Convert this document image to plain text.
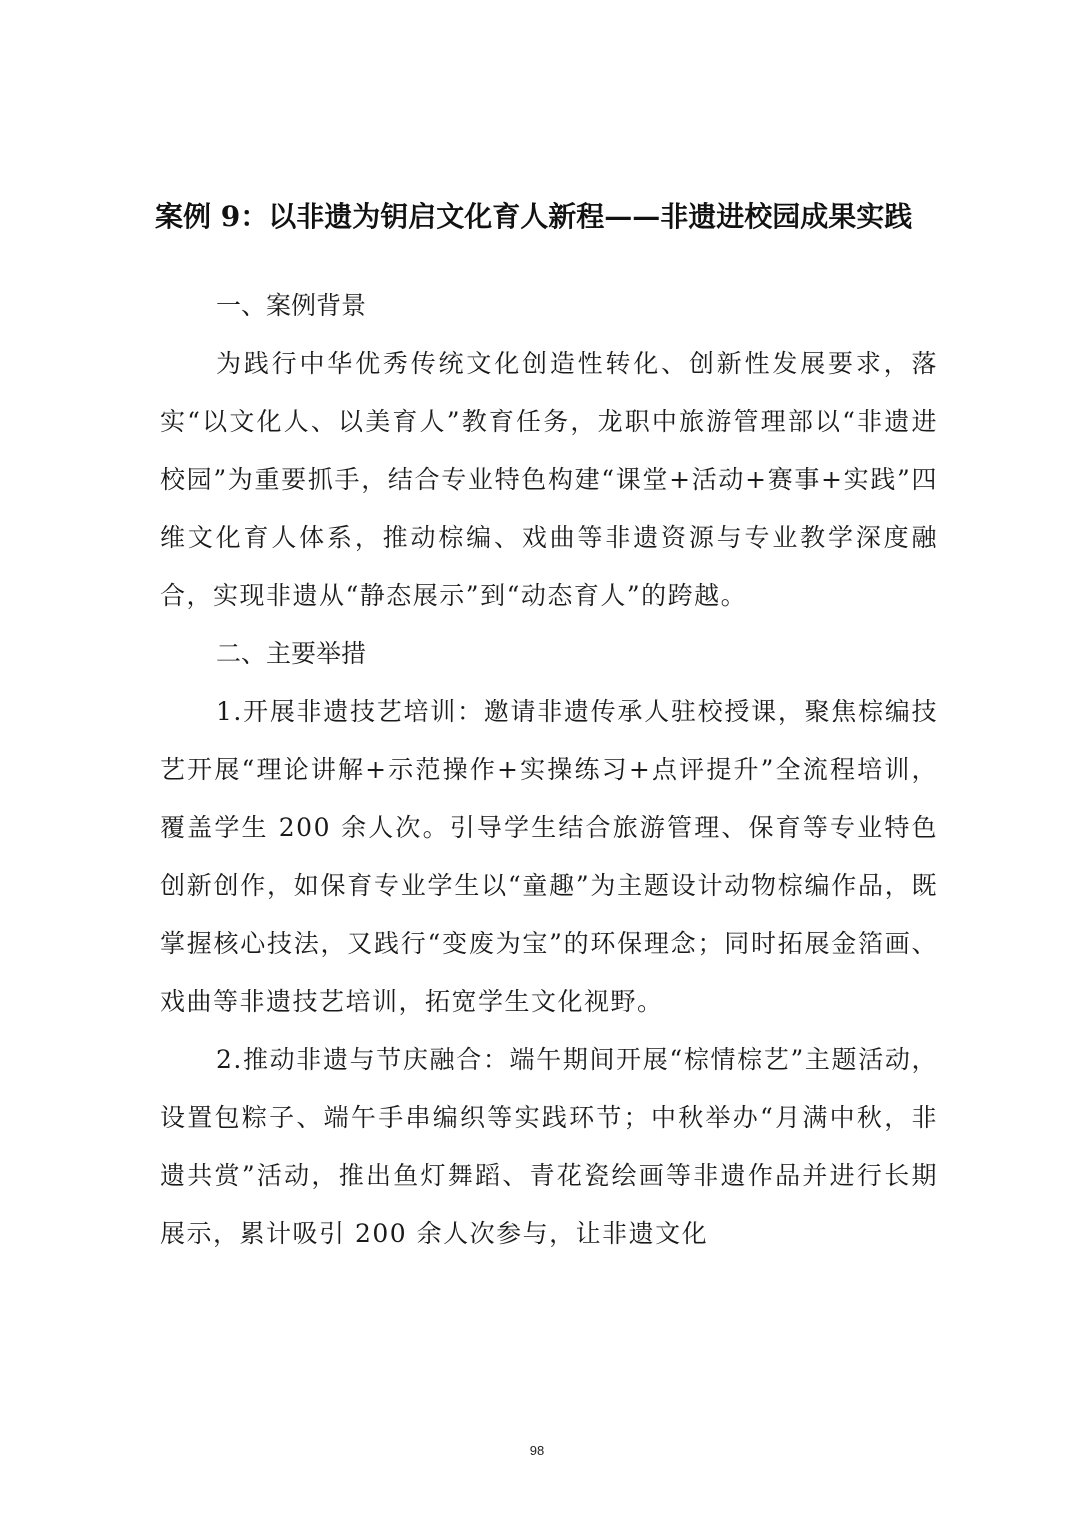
案例 9：以非遗为钥启文化育人新程——非遗进校园成果实践

一、案例背景

为践行中华优秀传统文化创造性转化、创新性发展要求，落实“以文化人、以美育人”教育任务，龙职中旅游管理部以“非遗进校园”为重要抓手，结合专业特色构建“课堂+活动+赛事+实践”四维文化育人体系，推动棕编、戏曲等非遗资源与专业教学深度融合，实现非遗从“静态展示”到“动态育人”的跨越。

二、主要举措

1.开展非遗技艺培训：邀请非遗传承人驻校授课，聚焦棕编技艺开展“理论讲解+示范操作+实操练习+点评提升”全流程培训，覆盖学生 200 余人次。引导学生结合旅游管理、保育等专业特色创新创作，如保育专业学生以“童趣”为主题设计动物棕编作品，既掌握核心技法，又践行“变废为宝”的环保理念；同时拓展金箔画、戏曲等非遗技艺培训，拓宽学生文化视野。

2.推动非遗与节庆融合：端午期间开展“棕情棕艺”主题活动，设置包粽子、端午手串编织等实践环节；中秋举办“月满中秋，非遗共赏”活动，推出鱼灯舞蹈、青花瓷绘画等非遗作品并进行长期展示，累计吸引 200 余人次参与，让非遗文化

98
